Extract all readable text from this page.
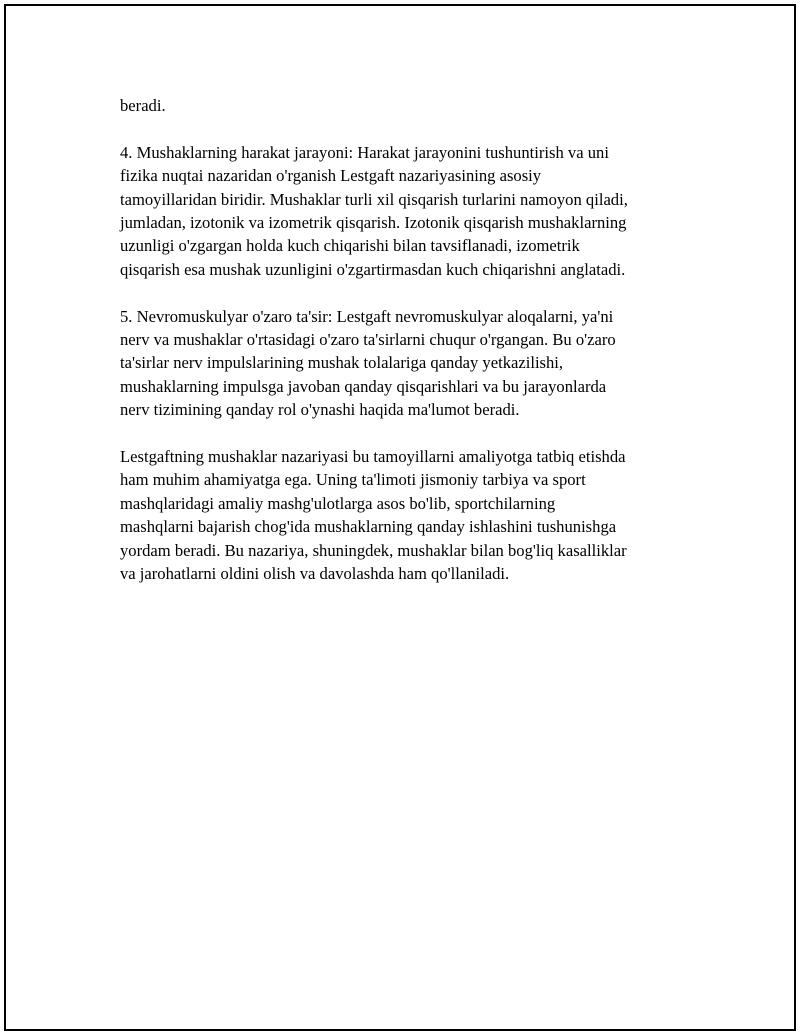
beradi.

4. Mushaklarning harakat jarayoni: Harakat jarayonini tushuntirish va uni
fizika nuqtai nazaridan o'rganish Lestgaft nazariyasining asosiy
tamoyillaridan biridir. Mushaklar turli xil qisqarish turlarini namoyon qiladi,
jumladan, izotonik va izometrik qisqarish. Izotonik qisqarish mushaklarning
uzunligi o'zgargan holda kuch chiqarishi bilan tavsiflanadi, izometrik
qisqarish esa mushak uzunligini o'zgartirmasdan kuch chiqarishni anglatadi.

5. Nevromuskulyar o'zaro ta'sir: Lestgaft nevromuskulyar aloqalarni, ya'ni
nerv va mushaklar o'rtasidagi o'zaro ta'sirlarni chuqur o'rgangan. Bu o'zaro
ta'sirlar nerv impulslarining mushak tolalariga qanday yetkazilishi,
mushaklarning impulsga javoban qanday qisqarishlari va bu jarayonlarda
nerv tizimining qanday rol o'ynashi haqida ma'lumot beradi.

Lestgaftning mushaklar nazariyasi bu tamoyillarni amaliyotga tatbiq etishda
ham muhim ahamiyatga ega. Uning ta'limoti jismoniy tarbiya va sport
mashqlaridagi amaliy mashg'ulotlarga asos bo'lib, sportchilarning
mashqlarni bajarish chog'ida mushaklarning qanday ishlashini tushunishga
yordam beradi. Bu nazariya, shuningdek, mushaklar bilan bog'liq kasalliklar
va jarohatlarni oldini olish va davolashda ham qo'llaniladi.
